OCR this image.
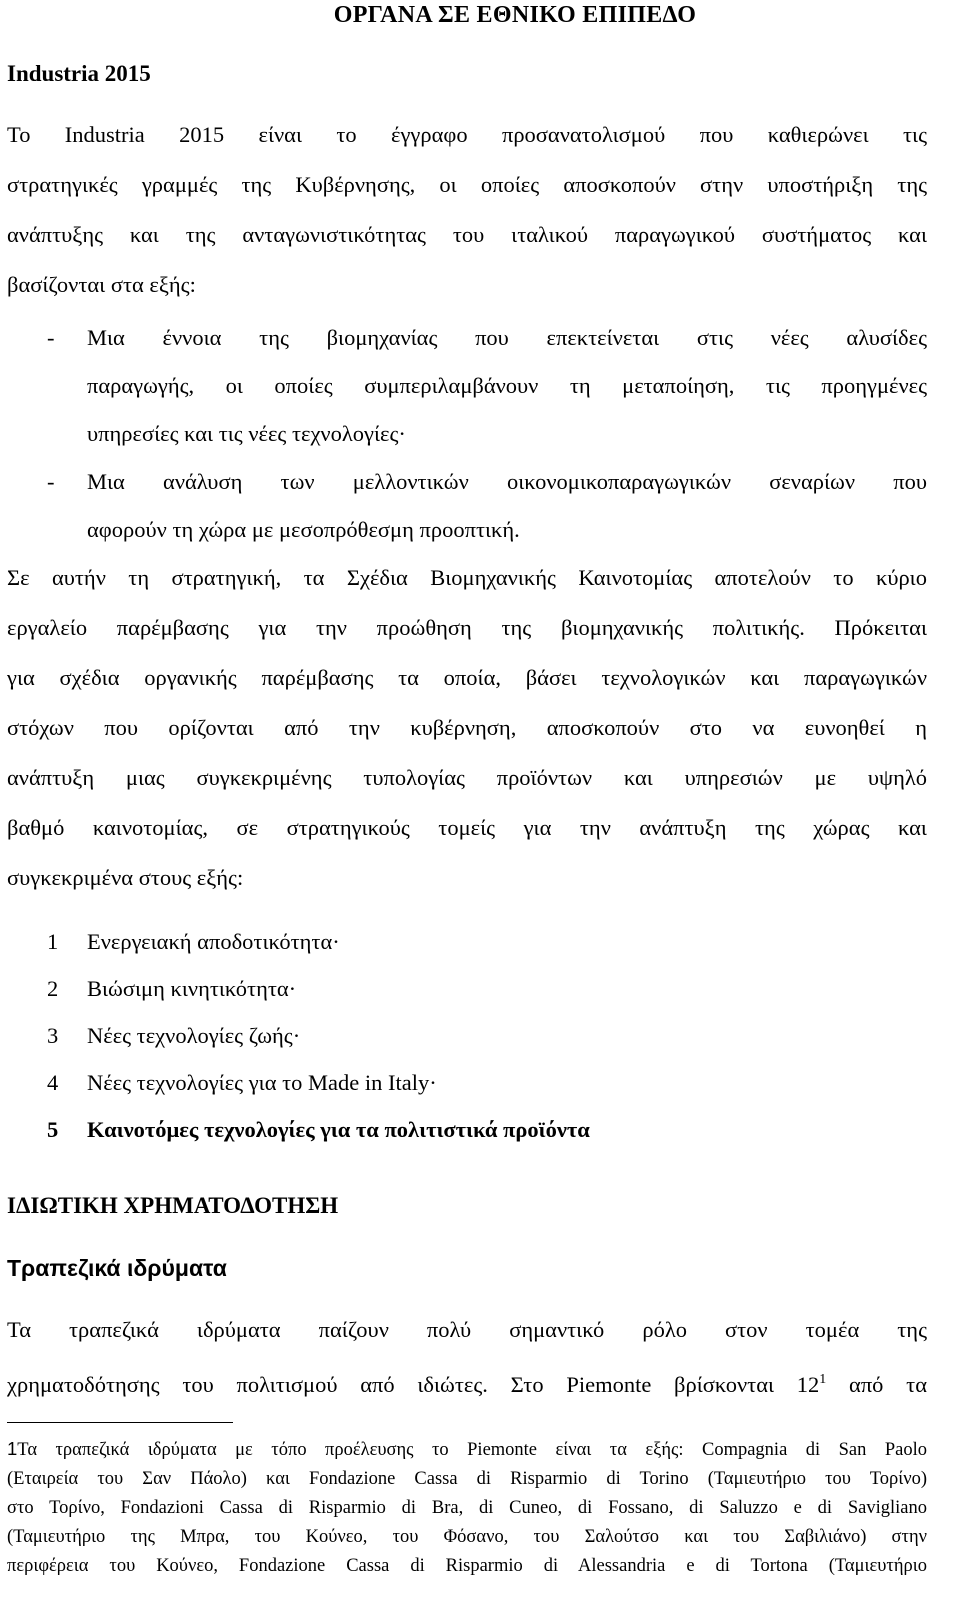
ΟΡΓΑΝΑ ΣΕ ΕΘΝΙΚΟ ΕΠΙΠΕΔΟ
Industria 2015
Το Industria 2015 είναι το έγγραφο προσανατολισμού που καθιερώνει τις
στρατηγικές γραμμές της Κυβέρνησης, οι οποίες αποσκοπούν στην υποστήριξη της
ανάπτυξης και της ανταγωνιστικότητας του ιταλικού παραγωγικού συστήματος και
βασίζονται στα εξής:
- Μια έννοια της βιομηχανίας που επεκτείνεται στις νέες αλυσίδες
παραγωγής, οι οποίες συμπεριλαμβάνουν τη μεταποίηση, τις προηγμένες
υπηρεσίες και τις νέες τεχνολογίες·
- Μια ανάλυση των μελλοντικών οικονομικοπαραγωγικών σεναρίων που
αφορούν τη χώρα με μεσοπρόθεσμη προοπτική.
Σε αυτήν τη στρατηγική, τα Σχέδια Βιομηχανικής Καινοτομίας αποτελούν το κύριο
εργαλείο παρέμβασης για την προώθηση της βιομηχανικής πολιτικής. Πρόκειται
για σχέδια οργανικής παρέμβασης τα οποία, βάσει τεχνολογικών και παραγωγικών
στόχων που ορίζονται από την κυβέρνηση, αποσκοπούν στο να ευνοηθεί η
ανάπτυξη μιας συγκεκριμένης τυπολογίας προϊόντων και υπηρεσιών με υψηλό
βαθμό καινοτομίας, σε στρατηγικούς τομείς για την ανάπτυξη της χώρας και
συγκεκριμένα στους εξής:
1 Ενεργειακή αποδοτικότητα·
2 Βιώσιμη κινητικότητα·
3 Νέες τεχνολογίες ζωής·
4 Νέες τεχνολογίες για το Made in Italy·
5 Καινοτόμες τεχνολογίες για τα πολιτιστικά προϊόντα
ΙΔΙΩΤΙΚΗ ΧΡΗΜΑΤΟΔΟΤΗΣΗ
Τραπεζικά ιδρύματα
Τα τραπεζικά ιδρύματα παίζουν πολύ σημαντικό ρόλο στον τομέα της
χρηματοδότησης του πολιτισμού από ιδιώτες. Στο Piemonte βρίσκονται $12^1$ από τα
1Τα τραπεζικά ιδρύματα με τόπο προέλευσης το Piemonte είναι τα εξής: Compagnia di San Paolo
(Εταιρεία του Σαν Πάολο) και Fondazione Cassa di Risparmio di Torino (Ταμιευτήριο του Τορίνο)
στο Τορίνο, Fondazioni Cassa di Risparmio di Bra, di Cuneo, di Fossano, di Saluzzo e di Savigliano
(Ταμιευτήριο της Μπρα, του Κούνεο, του Φόσανο, του Σαλούτσο και του Σαβιλιάνο) στην
περιφέρεια του Κούνεο, Fondazione Cassa di Risparmio di Alessandria e di Tortona (Ταμιευτήριο
